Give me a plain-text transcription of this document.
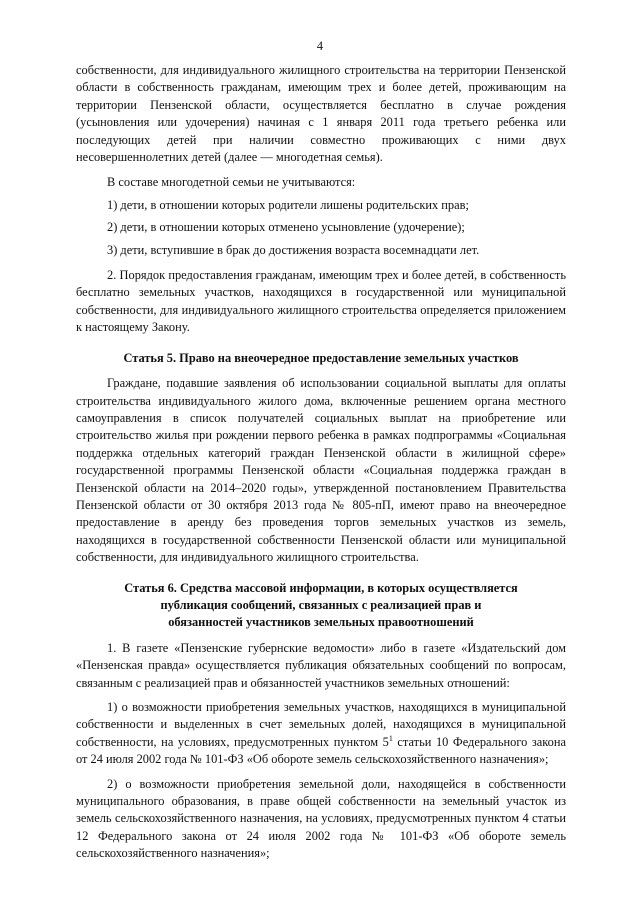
4

собственности, для индивидуального жилищного строительства на территории Пензенской области в собственность гражданам, имеющим трех и более детей, проживающим на территории Пензенской области, осуществляется бесплатно в случае рождения (усыновления или удочерения) начиная с 1 января 2011 года третьего ребенка или последующих детей при наличии совместно проживающих с ними двух несовершеннолетних детей (далее — многодетная семья).

В составе многодетной семьи не учитываются:

1) дети, в отношении которых родители лишены родительских прав;

2) дети, в отношении которых отменено усыновление (удочерение);

3) дети, вступившие в брак до достижения возраста восемнадцати лет.

2. Порядок предоставления гражданам, имеющим трех и более детей, в собственность бесплатно земельных участков, находящихся в государственной или муниципальной собственности, для индивидуального жилищного строительства определяется приложением к настоящему Закону.

Статья 5. Право на внеочередное предоставление земельных участков

Граждане, подавшие заявления об использовании социальной выплаты для оплаты строительства индивидуального жилого дома, включенные решением органа местного самоуправления в список получателей социальных выплат на приобретение или строительство жилья при рождении первого ребенка в рамках подпрограммы «Социальная поддержка отдельных категорий граждан Пензенской области в жилищной сфере» государственной программы Пензенской области «Социальная поддержка граждан в Пензенской области на 2014–2020 годы», утвержденной постановлением Правительства Пензенской области от 30 октября 2013 года № 805-пП, имеют право на внеочередное предоставление в аренду без проведения торгов земельных участков из земель, находящихся в государственной собственности Пензенской области или муниципальной собственности, для индивидуального жилищного строительства.

Статья 6. Средства массовой информации, в которых осуществляется
публикация сообщений, связанных с реализацией прав и
обязанностей участников земельных правоотношений

1. В газете «Пензенские губернские ведомости» либо в газете «Издательский дом «Пензенская правда» осуществляется публикация обязательных сообщений по вопросам, связанным с реализацией прав и обязанностей участников земельных отношений:

1) о возможности приобретения земельных участков, находящихся в муниципальной собственности и выделенных в счет земельных долей, находящихся в муниципальной собственности, на условиях, предусмотренных пунктом $5^1$ статьи 10 Федерального закона от 24 июля 2002 года № 101-ФЗ «Об обороте земель сельскохозяйственного назначения»;

2) о возможности приобретения земельной доли, находящейся в собственности муниципального образования, в праве общей собственности на земельный участок из земель сельскохозяйственного назначения, на условиях, предусмотренных пунктом 4 статьи 12 Федерального закона от 24 июля 2002 года № 101-ФЗ «Об обороте земель сельскохозяйственного назначения»;
